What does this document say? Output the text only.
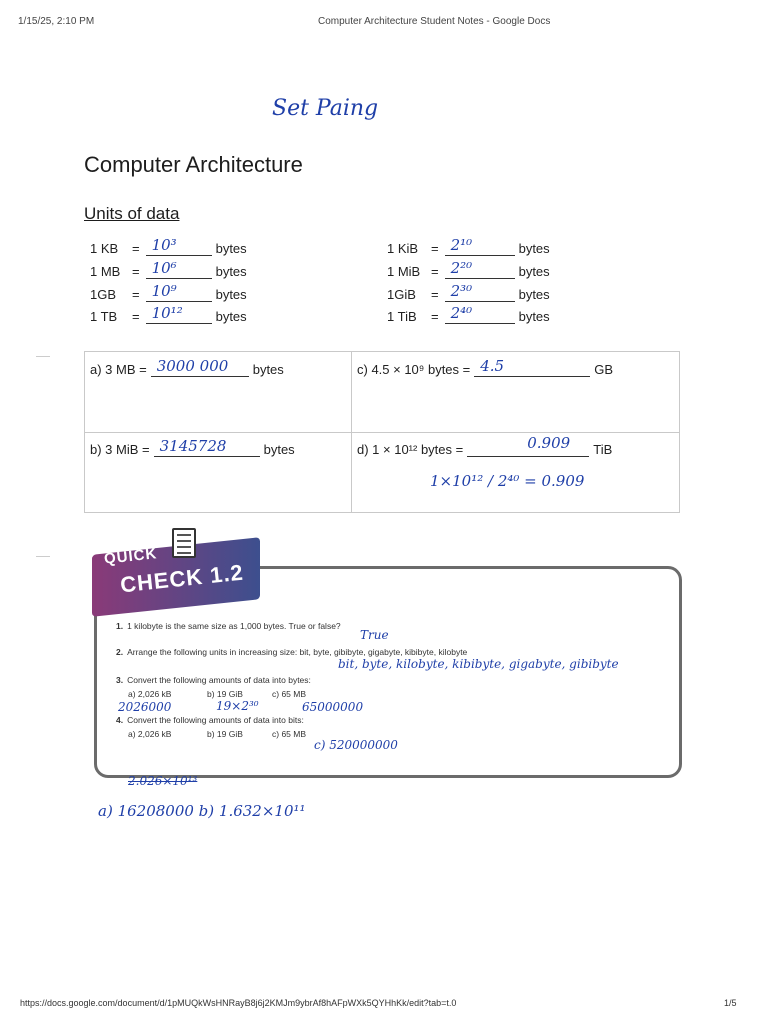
1/15/25, 2:10 PM	Computer Architecture Student Notes - Google Docs
Set Paing
Computer Architecture
Units of data
1 KB	= 10³	bytes
1 MB = 10⁶	bytes
1GB	= 10⁹	bytes
1 TB	= 10¹²	bytes
1 KiB = 2¹⁰	bytes
1 MiB = 2²⁰	bytes
1GiB	= 2³⁰	bytes
1 TiB	= 2⁴⁰	bytes
a) 3 MB = 3000 000 bytes
b) 3 MiB = 3145728	bytes
c) 4.5 × 10⁹ bytes = 4.5	GB
d) 1 × 10¹² bytes =	0.909 TiB
1×10¹² / 2⁴⁰ = 0.909
QUICK
CHECK 1.2
1. 1 kilobyte is the same size as 1,000 bytes. True or false?
True
2. Arrange the following units in increasing size: bit, byte, gibibyte, gigabyte, kibibyte, kilobyte
bit, byte, kilobyte, kibibyte, gigabyte, gibibyte
3. Convert the following amounts of data into bytes:
a) 2,026 kB	b) 19 GiB	c) 65 MB
2026000	19×2³⁰	65000000
4. Convert the following amounts of data into bits:
a) 2,026 kB	b) 19 GiB	c) 65 MB
c) 520000000
2.026×10¹³
a) 16208000 b) 1.632×10¹¹
https://docs.google.com/document/d/1pMUQkWsHNRayB8j6j2KMJm9ybrAf8hAFpWXk5QYHhKk/edit?tab=t.0	1/5
